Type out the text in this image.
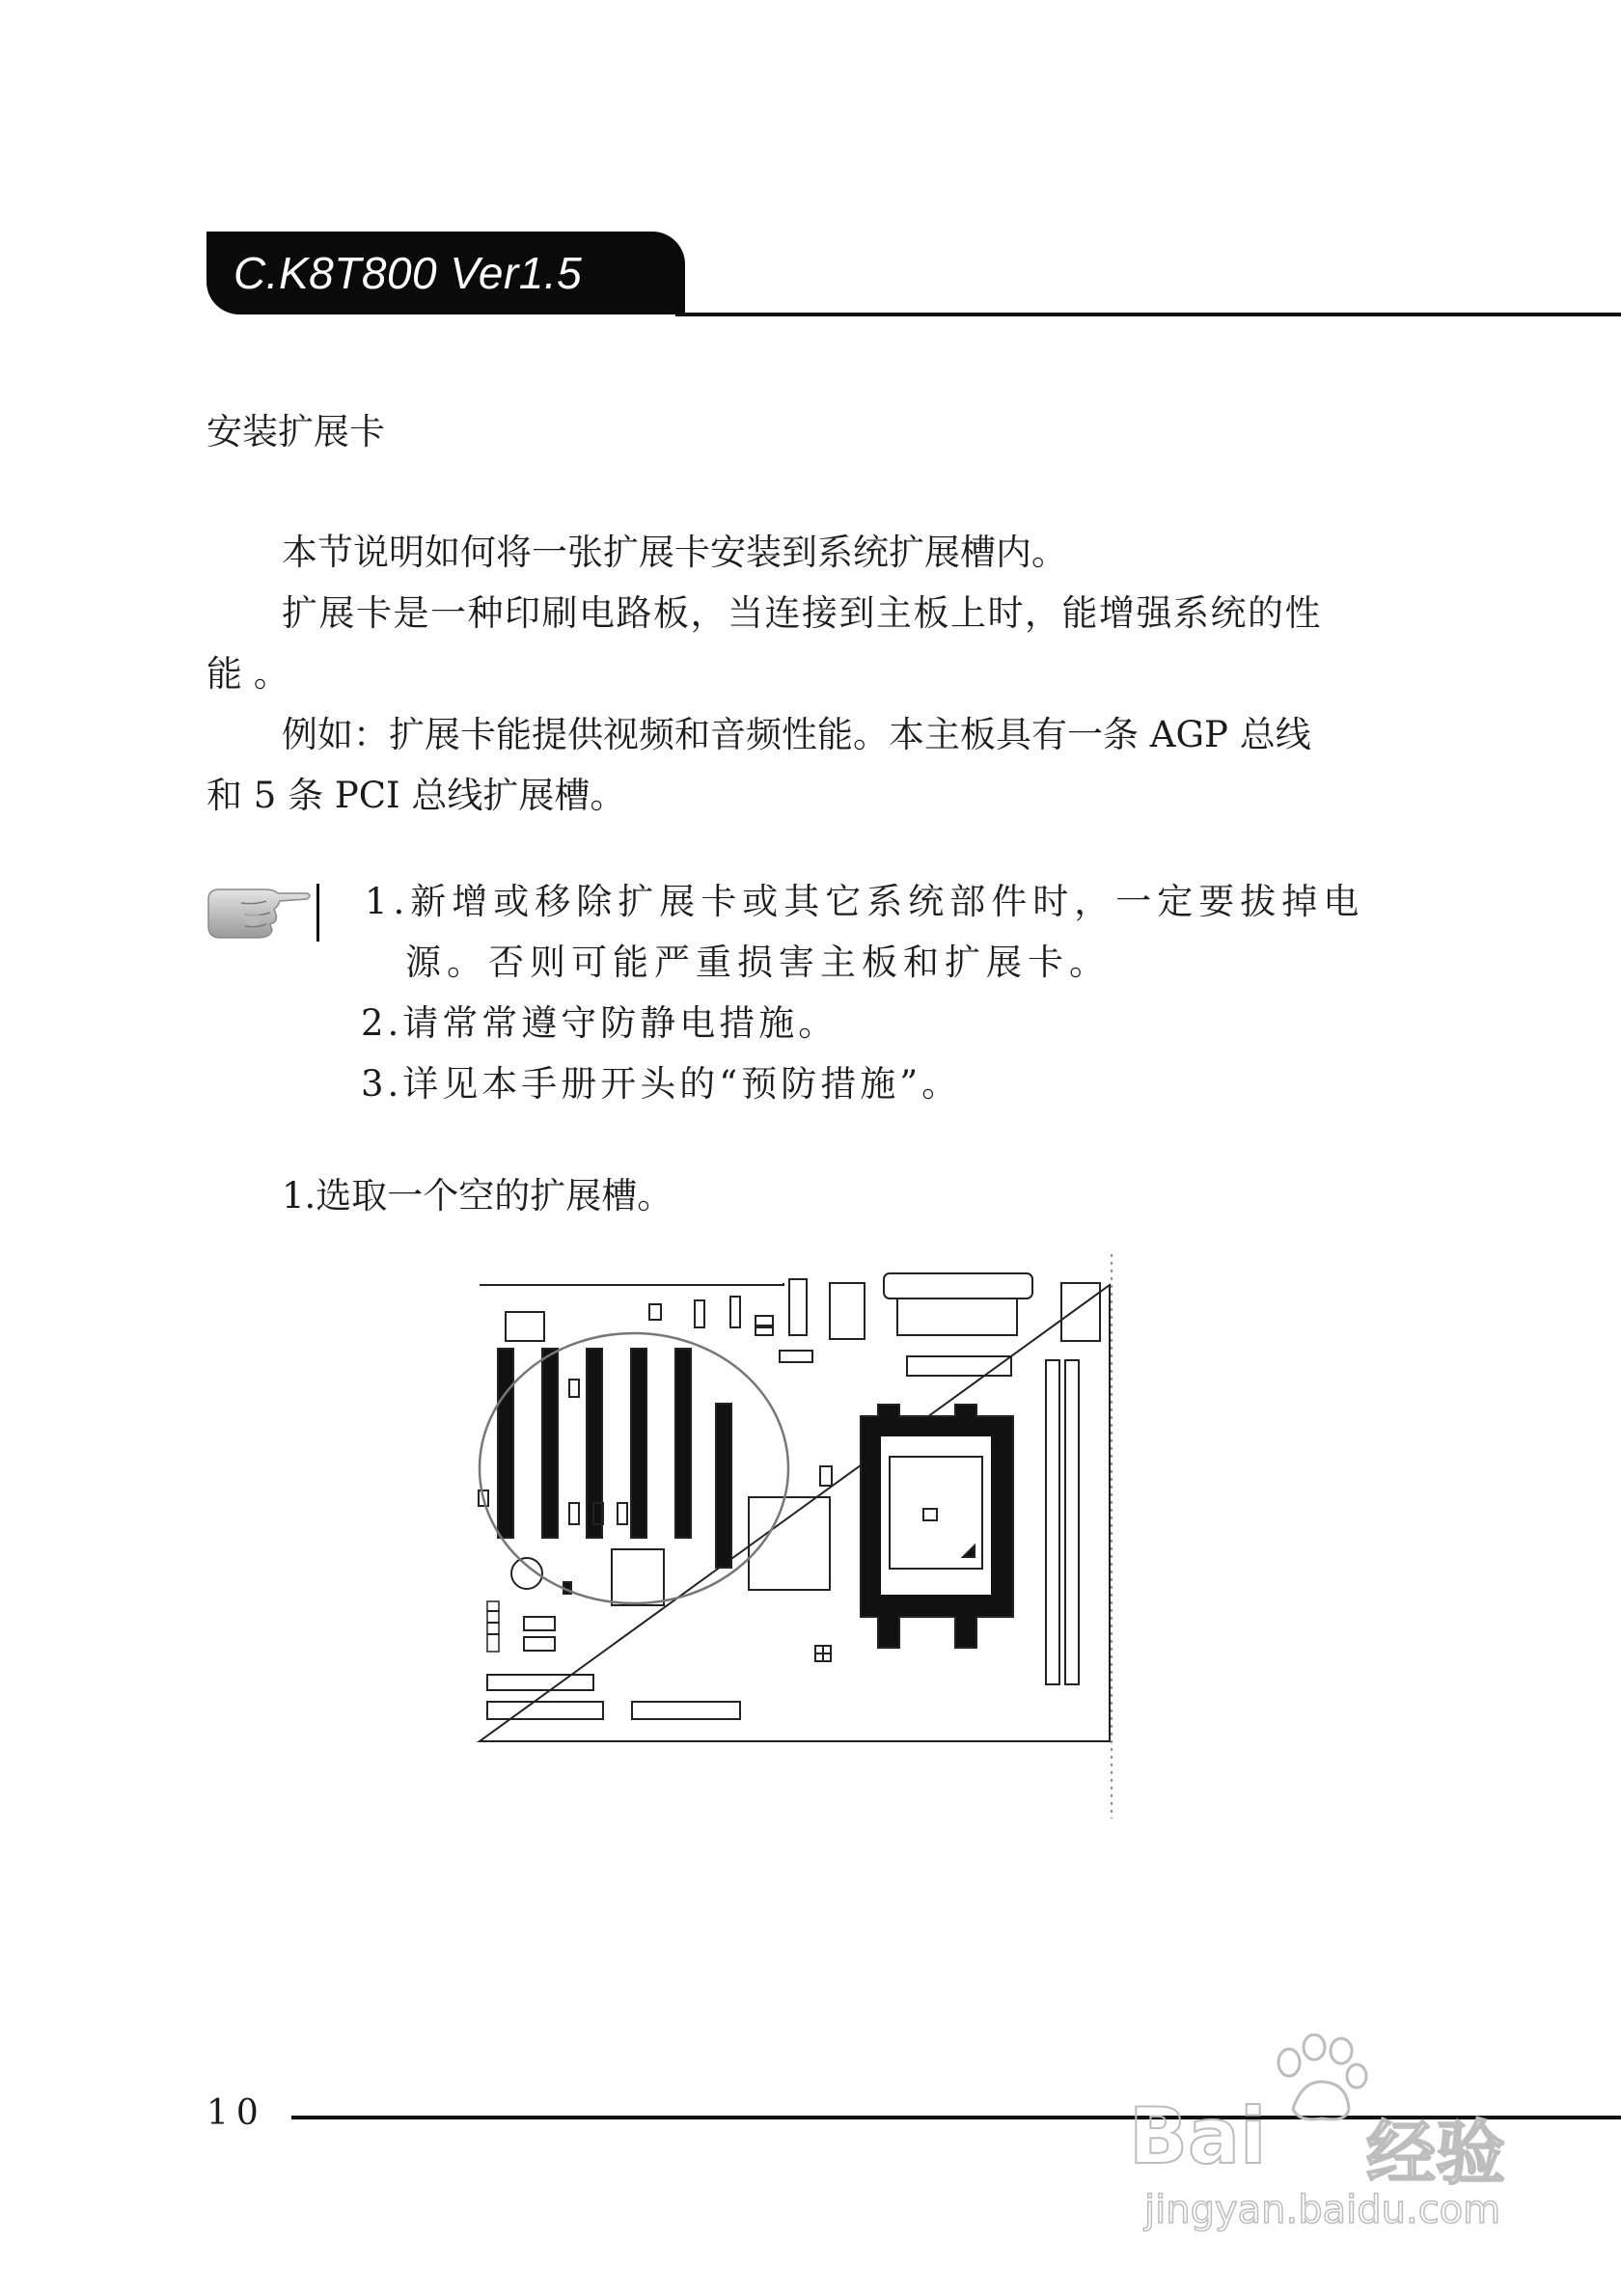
C.K8T800 Ver1.5
安装扩展卡
本节说明如何将一张扩展卡安装到系统扩展槽内。
扩展卡是一种印刷电路板，当连接到主板上时，能增强系统的性
能 。
例如：扩展卡能提供视频和音频性能。本主板具有一条 AGP 总线
和 5 条 PCI 总线扩展槽。
1.新增或移除扩展卡或其它系统部件时，一定要拔掉电
源。否则可能严重损害主板和扩展卡。
2.请常常遵守防静电措施。
3.详见本手册开头的“预防措施”。
1.选取一个空的扩展槽。
10	Bai 经验
jingyan.baidu.com
